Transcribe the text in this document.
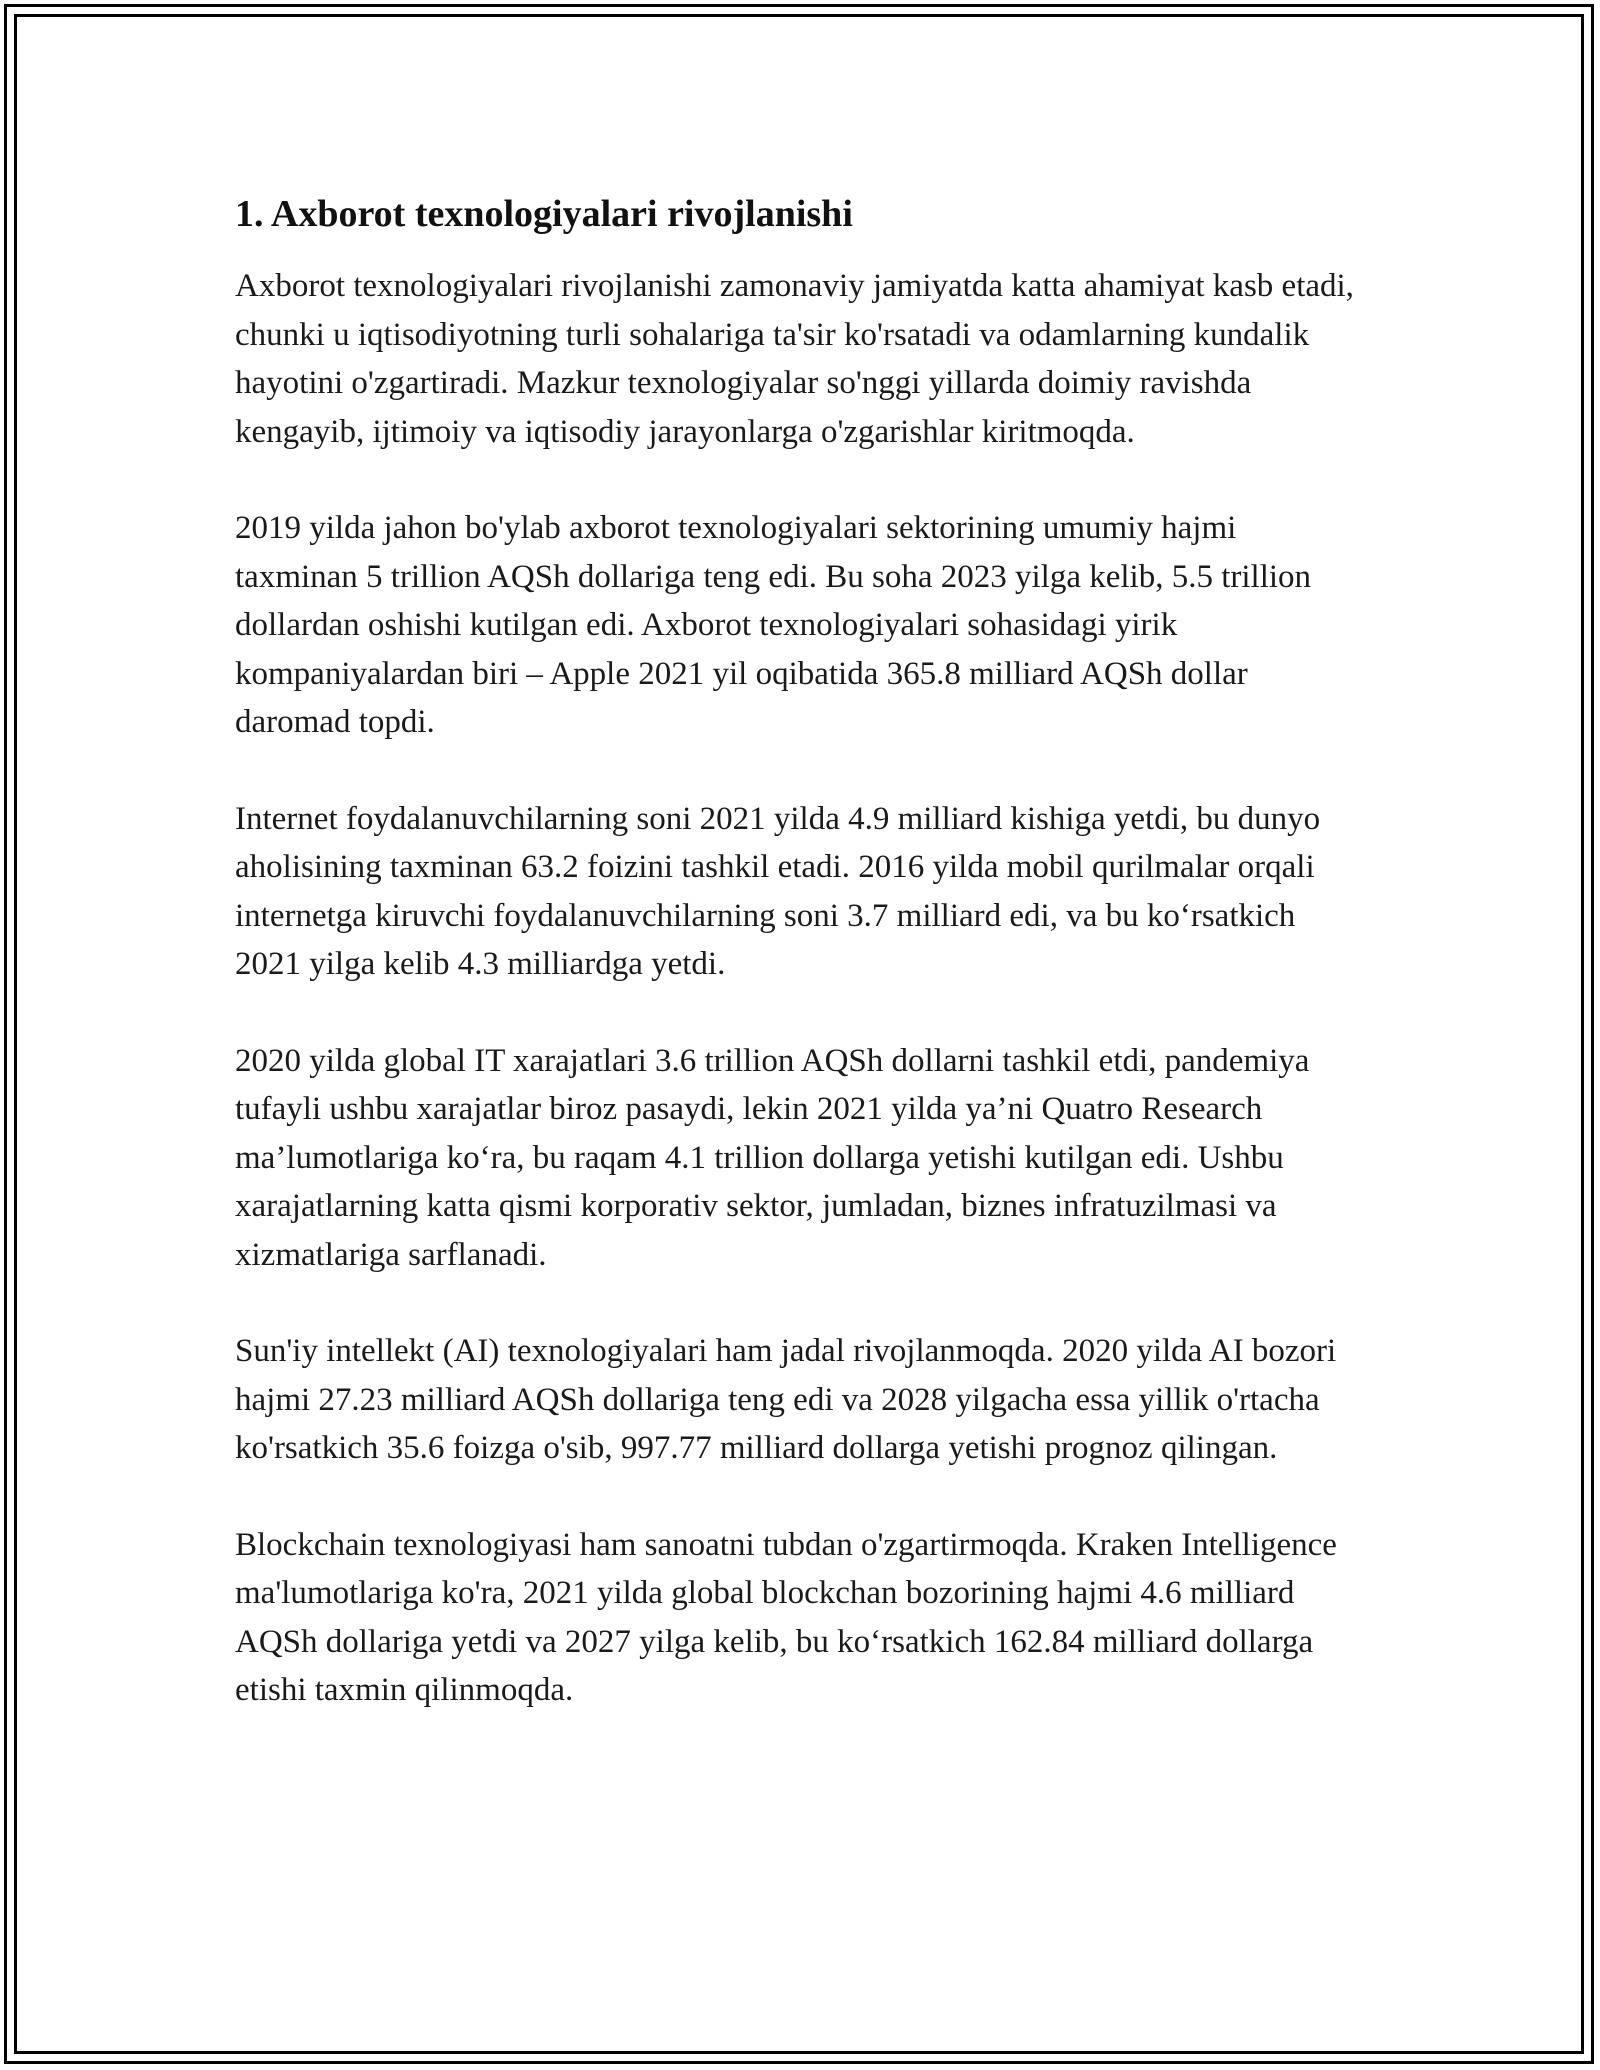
1. Axborot texnologiyalari rivojlanishi

Axborot texnologiyalari rivojlanishi zamonaviy jamiyatda katta ahamiyat kasb etadi, chunki u iqtisodiyotning turli sohalariga ta'sir ko'rsatadi va odamlarning kundalik hayotini o'zgartiradi. Mazkur texnologiyalar so'nggi yillarda doimiy ravishda kengayib, ijtimoiy va iqtisodiy jarayonlarga o'zgarishlar kiritmoqda.

2019 yilda jahon bo'ylab axborot texnologiyalari sektorining umumiy hajmi taxminan 5 trillion AQSh dollariga teng edi. Bu soha 2023 yilga kelib, 5.5 trillion dollardan oshishi kutilgan edi. Axborot texnologiyalari sohasidagi yirik kompaniyalardan biri – Apple 2021 yil oqibatida 365.8 milliard AQSh dollar daromad topdi.

Internet foydalanuvchilarning soni 2021 yilda 4.9 milliard kishiga yetdi, bu dunyo aholisining taxminan 63.2 foizini tashkil etadi. 2016 yilda mobil qurilmalar orqali internetga kiruvchi foydalanuvchilarning soni 3.7 milliard edi, va bu ko‘rsatkich 2021 yilga kelib 4.3 milliardga yetdi.

2020 yilda global IT xarajatlari 3.6 trillion AQSh dollarni tashkil etdi, pandemiya tufayli ushbu xarajatlar biroz pasaydi, lekin 2021 yilda ya’ni Quatro Research ma’lumotlariga ko‘ra, bu raqam 4.1 trillion dollarga yetishi kutilgan edi. Ushbu xarajatlarning katta qismi korporativ sektor, jumladan, biznes infratuzilmasi va xizmatlariga sarflanadi.

Sun'iy intellekt (AI) texnologiyalari ham jadal rivojlanmoqda. 2020 yilda AI bozori hajmi 27.23 milliard AQSh dollariga teng edi va 2028 yilgacha essa yillik o'rtacha ko'rsatkich 35.6 foizga o'sib, 997.77 milliard dollarga yetishi prognoz qilingan.

Blockchain texnologiyasi ham sanoatni tubdan o'zgartirmoqda. Kraken Intelligence ma'lumotlariga ko'ra, 2021 yilda global blockchan bozorining hajmi 4.6 milliard AQSh dollariga yetdi va 2027 yilga kelib, bu ko‘rsatkich 162.84 milliard dollarga etishi taxmin qilinmoqda.
